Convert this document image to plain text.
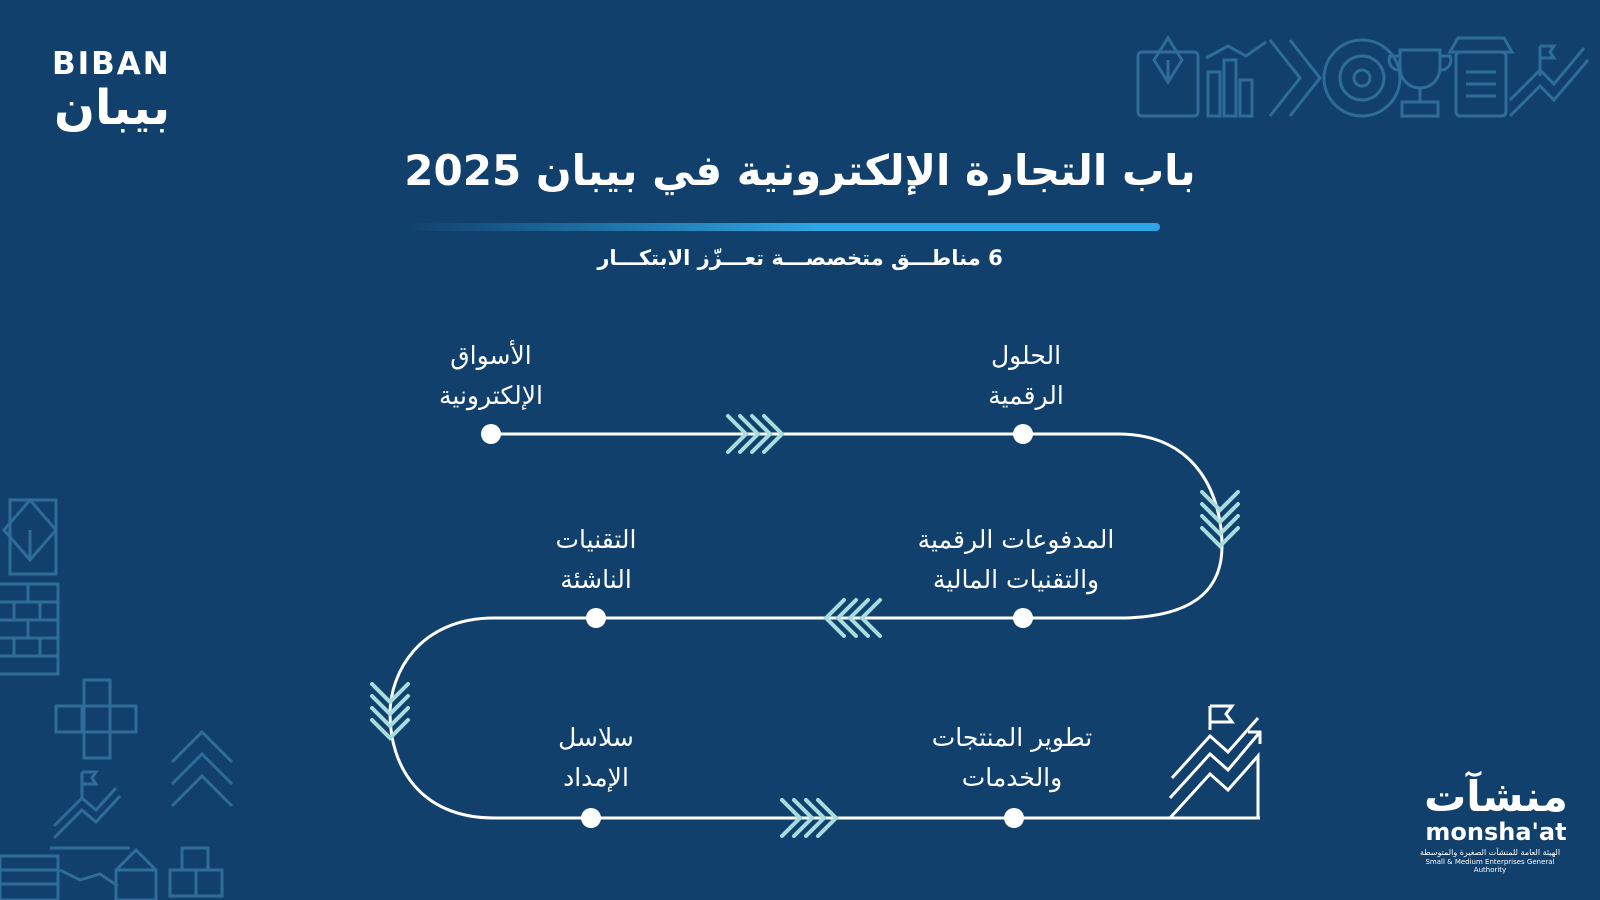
BIBAN
بيبان
باب التجارة الإلكترونية في بيبان 2025
6 مناطـــق متخصصـــة تعـــزّز الابتكـــار
الحلول
الرقمية
الأسواق
الإلكترونية
المدفوعات الرقمية
والتقنيات المالية
التقنيات
الناشئة
تطوير المنتجات
والخدمات
سلاسل
الإمداد	منشآت
monsha'at
الهيئة العامة للمنشآت الصغيرة والمتوسطة
Small & Medium Enterprises General Authority
